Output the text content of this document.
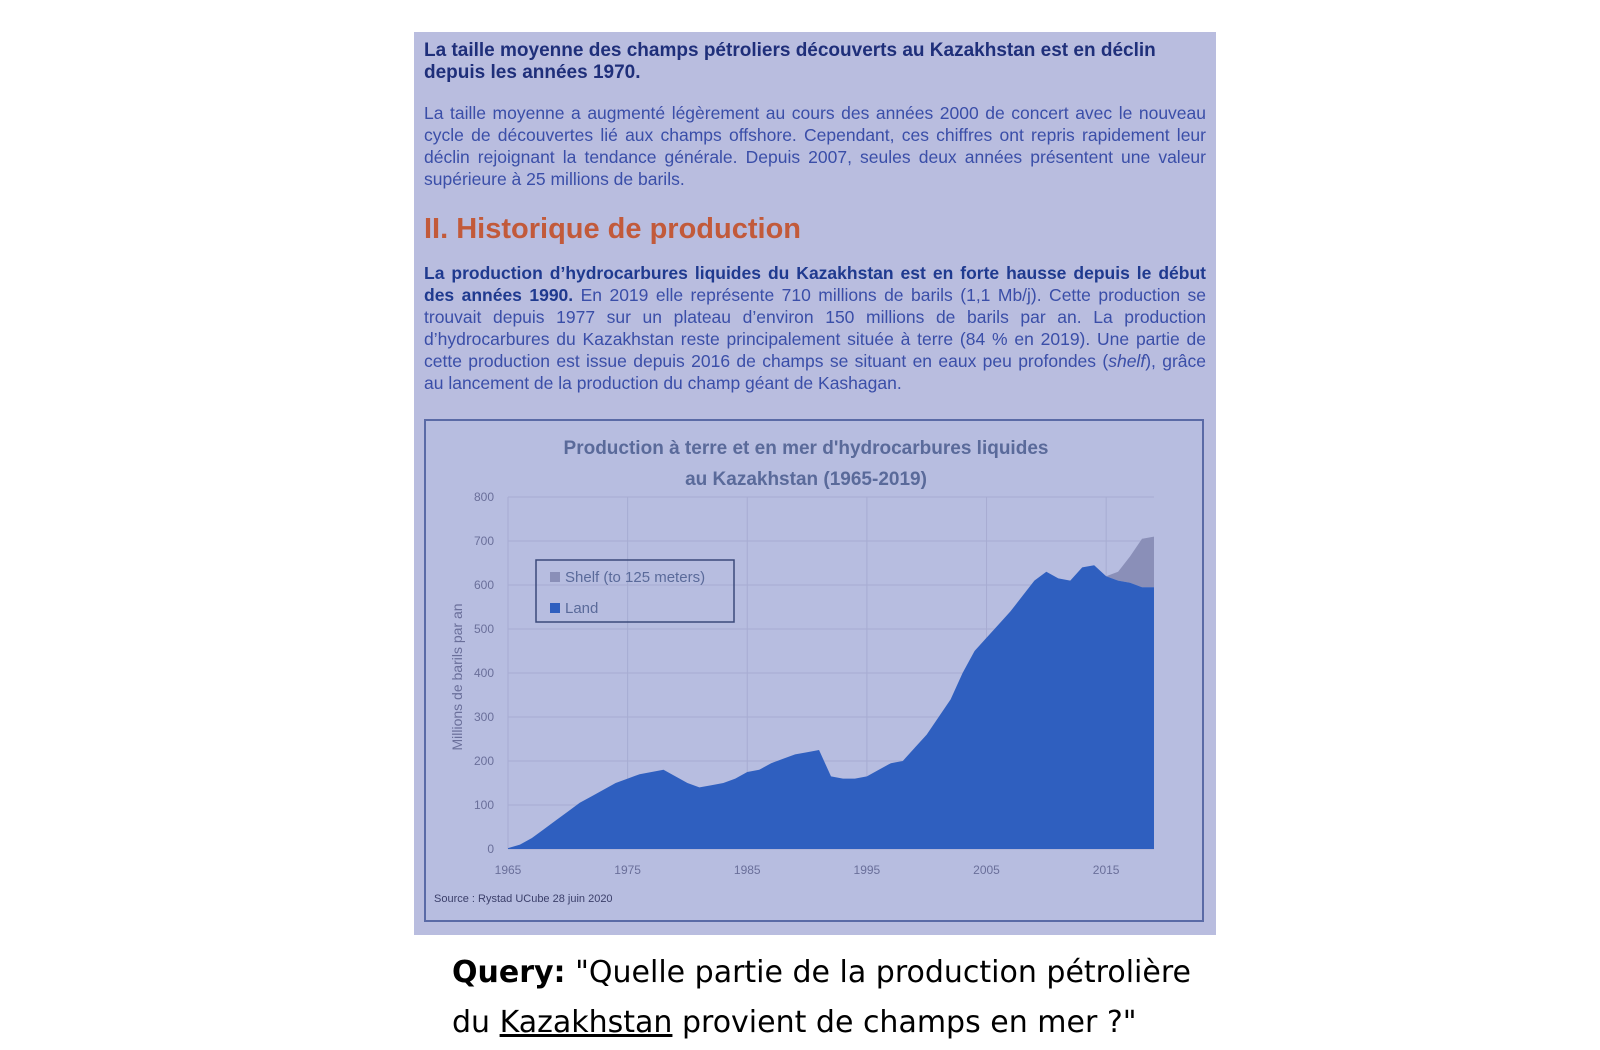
La taille moyenne des champs pétroliers découverts au Kazakhstan est en déclin depuis les années 1970.

La taille moyenne a augmenté légèrement au cours des années 2000 de concert avec le nouveau cycle de découvertes lié aux champs offshore. Cependant, ces chiffres ont repris rapidement leur déclin rejoignant la tendance générale. Depuis 2007, seules deux années présentent une valeur supérieure à 25 millions de barils.

II. Historique de production

La production d’hydrocarbures liquides du Kazakhstan est en forte hausse depuis le début des années 1990. En 2019 elle représente 710 millions de barils (1,1 Mb/j). Cette production se trouvait depuis 1977 sur un plateau d’environ 150 millions de barils par an. La production d’hydrocarbures du Kazakhstan reste principalement située à terre (84 % en 2019). Une partie de cette production est issue depuis 2016 de champs se situant en eaux peu profondes (shelf), grâce au lancement de la production du champ géant de Kashagan.

Production à terre et en mer d'hydrocarbures liquides
au Kazakhstan (1965-2019)
0
100
200
300
400
500
600
700
800
1965	1975	1985	1995	2005	2015
Millions de barils par an
Shelf (to 125 meters)
Land
Source : Rystad UCube 28 juin 2020
Query: "Quelle partie de la production pétrolière du Kazakhstan provient de champs en mer ?"
